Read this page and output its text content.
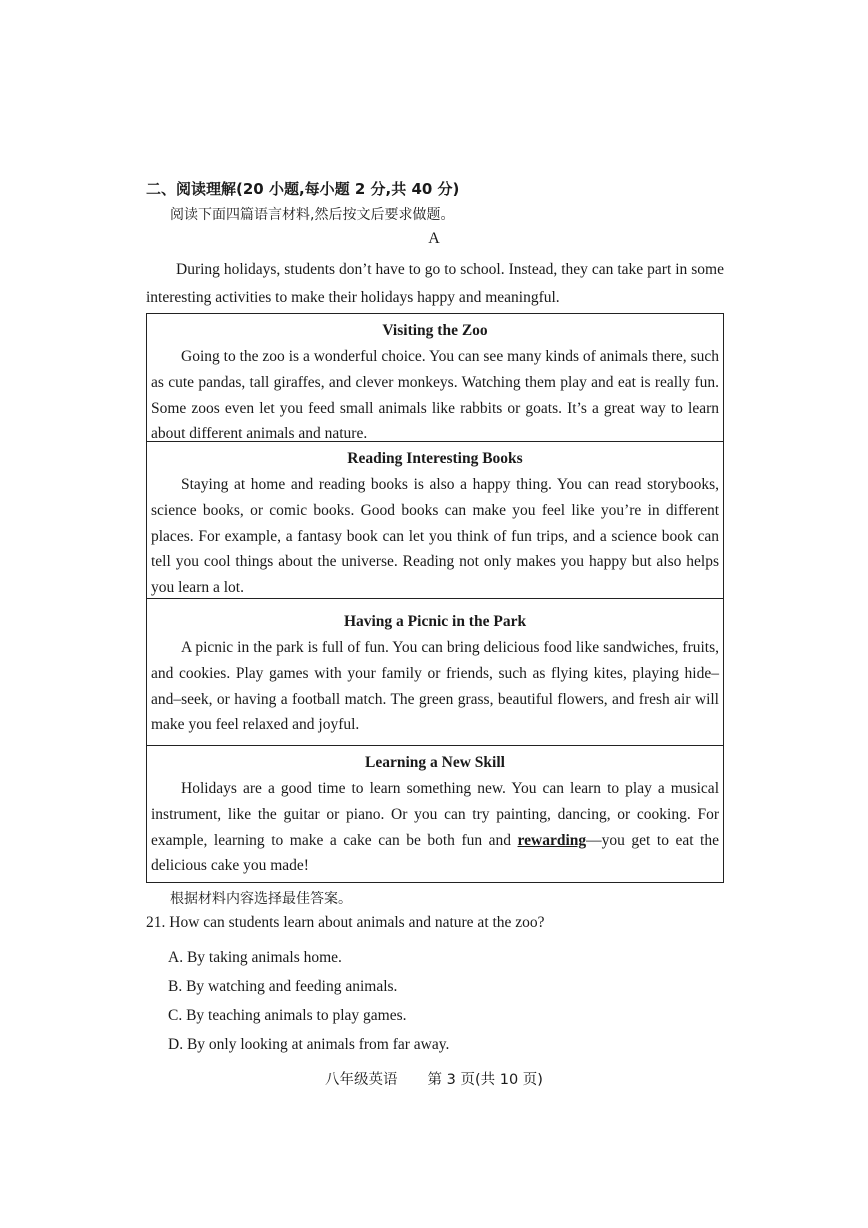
二、阅读理解(20 小题,每小题 2 分,共 40 分)
阅读下面四篇语言材料,然后按文后要求做题。
A
During holidays, students don’t have to go to school. Instead, they can take part in some interesting activities to make their holidays happy and meaningful.
Visiting the Zoo
Going to the zoo is a wonderful choice. You can see many kinds of animals there, such as cute pandas, tall giraffes, and clever monkeys. Watching them play and eat is really fun. Some zoos even let you feed small animals like rabbits or goats. It’s a great way to learn about different animals and nature.
Reading Interesting Books
Staying at home and reading books is also a happy thing. You can read storybooks, science books, or comic books. Good books can make you feel like you’re in different places. For example, a fantasy book can let you think of fun trips, and a science book can tell you cool things about the universe. Reading not only makes you happy but also helps you learn a lot.
Having a Picnic in the Park
A picnic in the park is full of fun. You can bring delicious food like sandwiches, fruits, and cookies. Play games with your family or friends, such as flying kites, playing hide–and–seek, or having a football match. The green grass, beautiful flowers, and fresh air will make you feel relaxed and joyful.
Learning a New Skill
Holidays are a good time to learn something new. You can learn to play a musical instrument, like the guitar or piano. Or you can try painting, dancing, or cooking. For example, learning to make a cake can be both fun and rewarding—you get to eat the delicious cake you made!
根据材料内容选择最佳答案。
21. How can students learn about animals and nature at the zoo?
A. By taking animals home.
B. By watching and feeding animals.
C. By teaching animals to play games.
D. By only looking at animals from far away.
八年级英语 第 3 页(共 10 页)
